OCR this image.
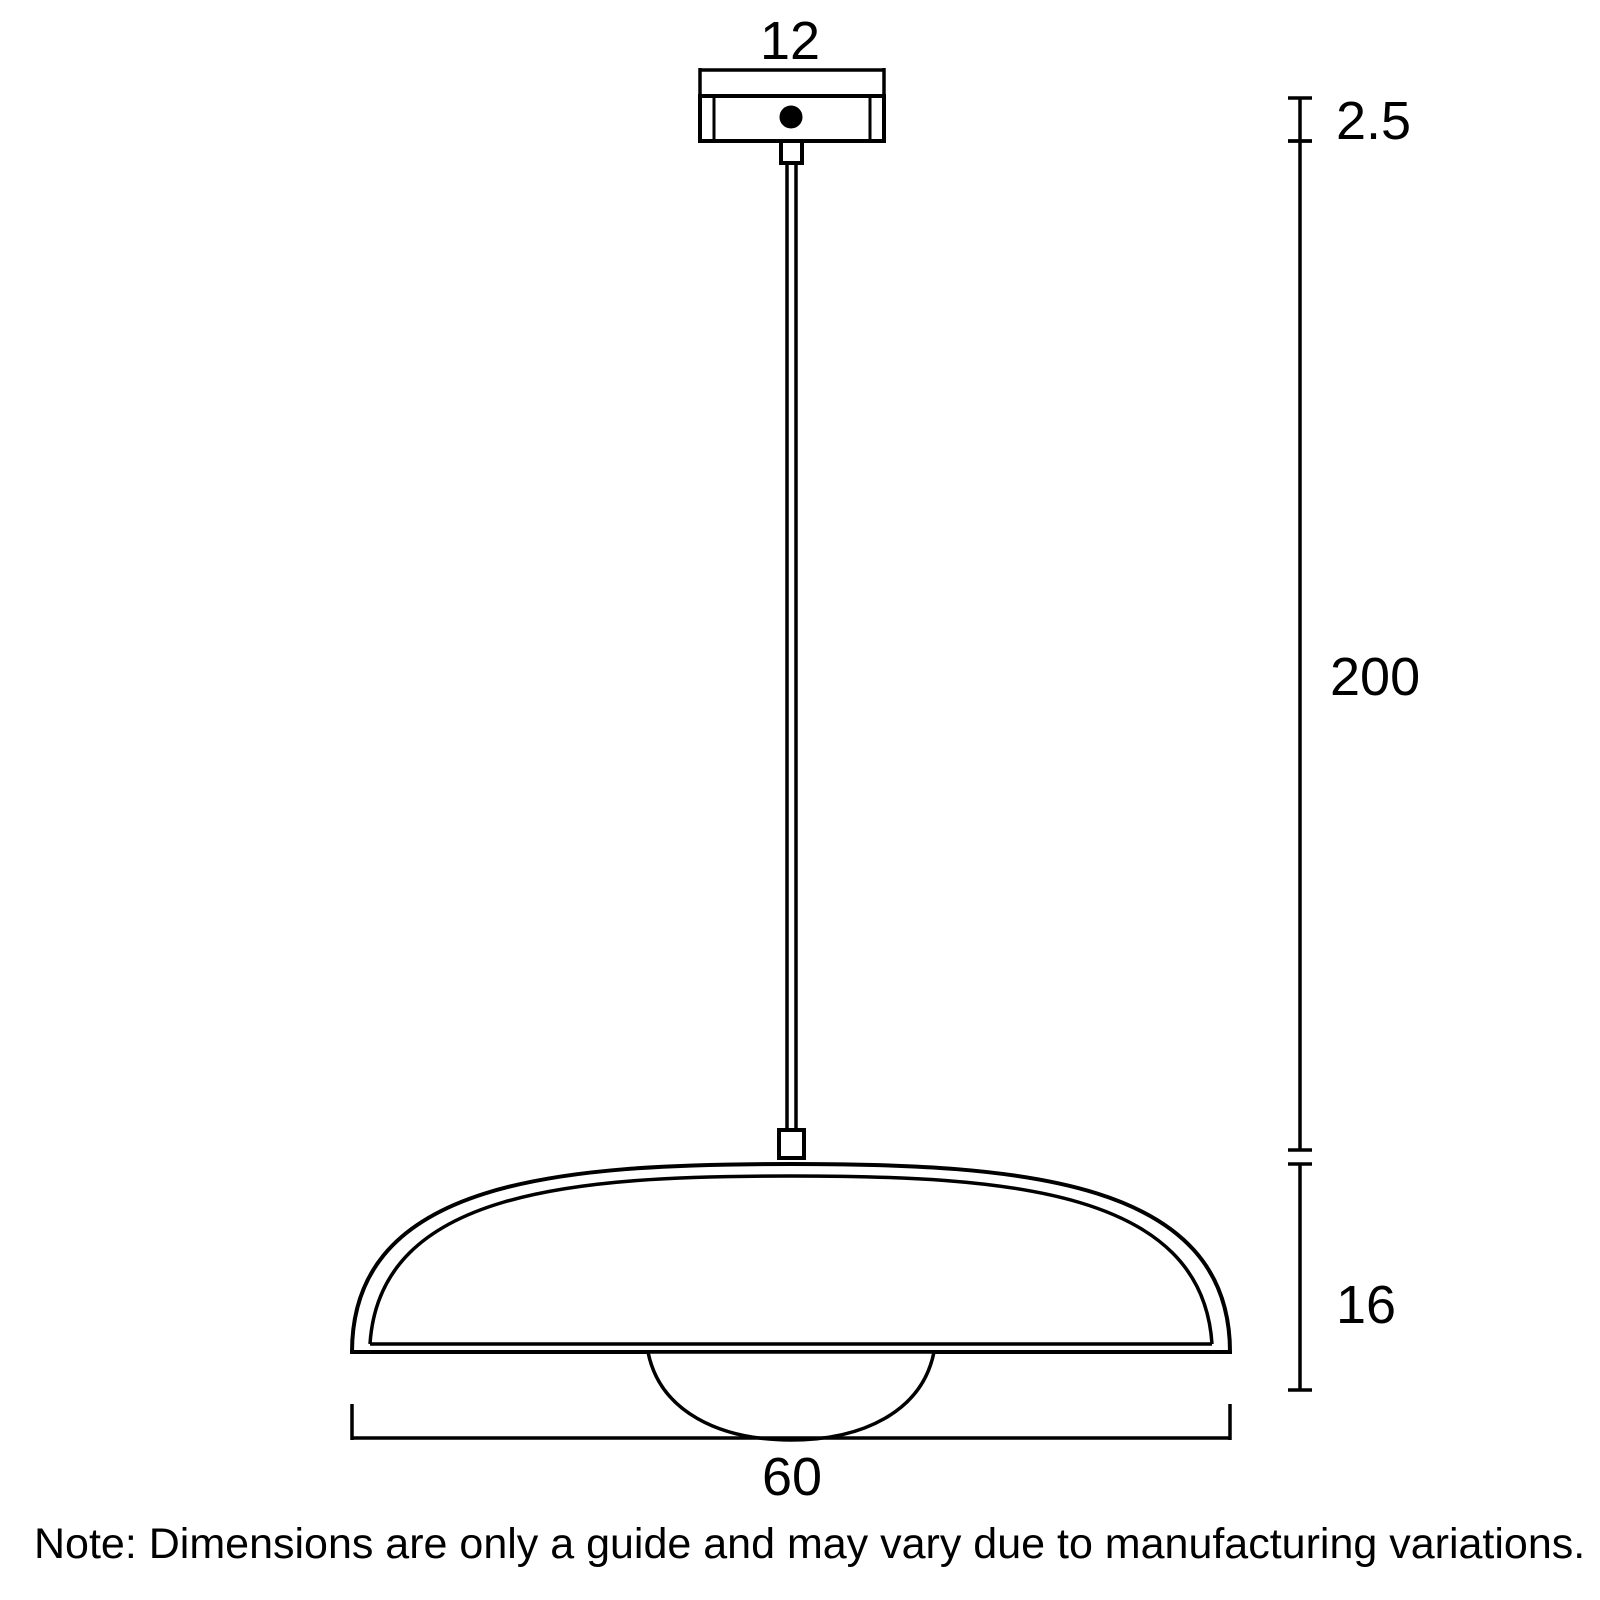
12
2.5
200
16
60
Note: Dimensions are only a guide and may vary due to manufacturing variations.
